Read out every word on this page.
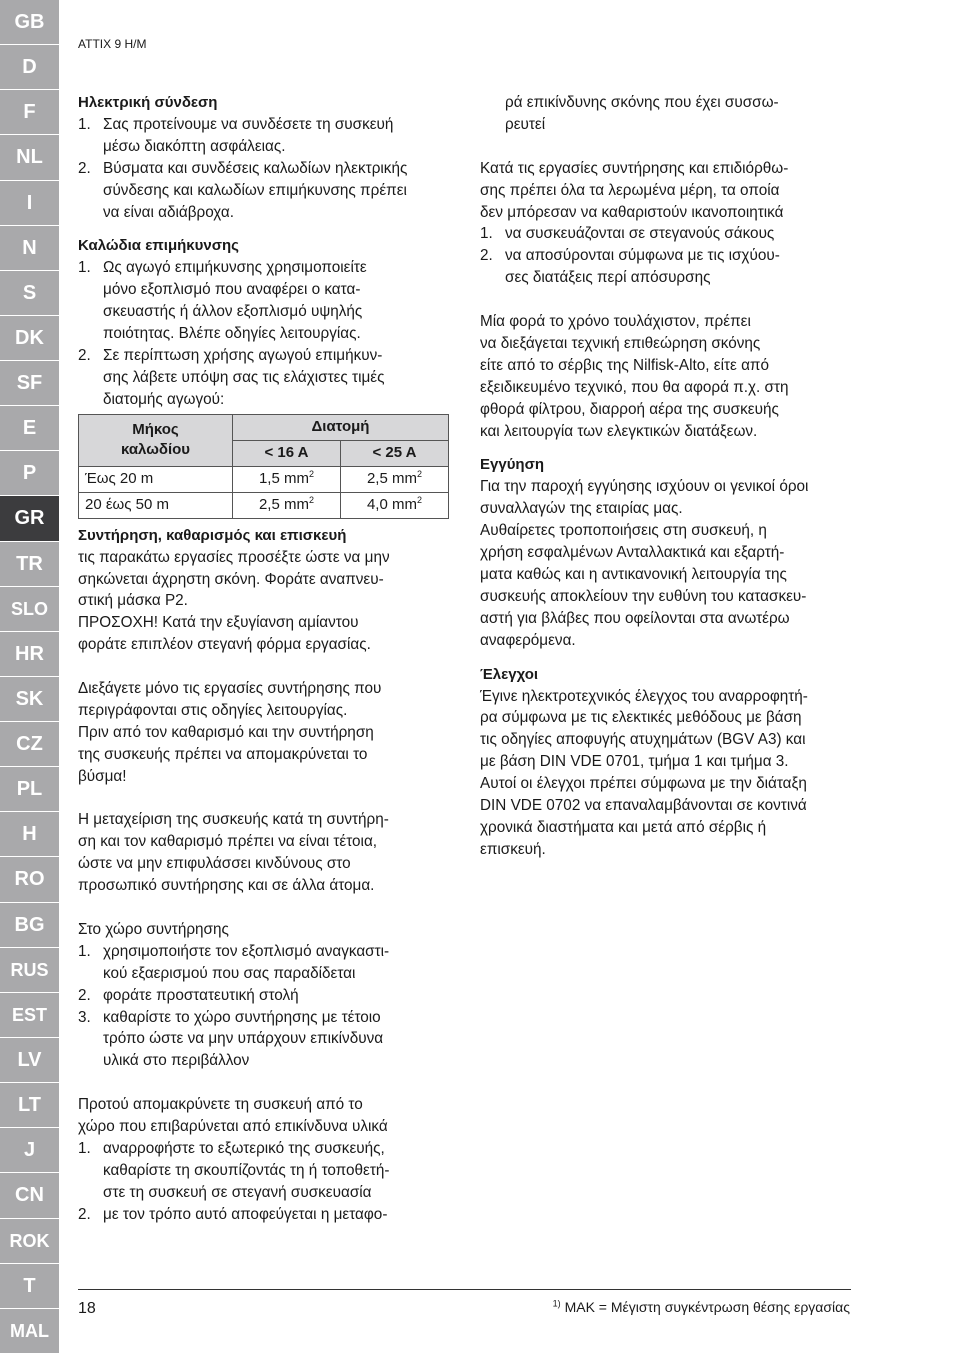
GB
D
F
NL
I
N
S
DK
SF
E
P
GR
TR
SLO
HR
SK
CZ
PL
H
RO
BG
RUS
EST
LV
LT
J
CN
ROK
T
MAL
ATTIX 9 H/M

Ηλεκτρική σύνδεση

1. Σας προτείνουμε να συνδέσετε τη συσκευή
μέσω διακόπτη ασφάλειας.
2. Βύσματα και συνδέσεις καλωδίων ηλεκτρικής
σύνδεσης και καλωδίων επιμήκυνσης πρέπει
να είναι αδιάβροχα.

Καλώδια επιμήκυνσης

1. Ως αγωγό επιμήκυνσης χρησιμοποιείτε
μόνο εξοπλισμό που αναφέρει ο κατα-
σκευαστής ή άλλον εξοπλισμό υψηλής
ποιότητας. Βλέπε οδηγίες λειτουργίας.
2. Σε περίπτωση χρήσης αγωγού επιμήκυν-
σης λάβετε υπόψη σας τις ελάχιστες τιμές
διατομής αγωγού:
Μήκος
καλωδίου	Διατομή	
	< 16 A	< 25 A
Έως 20 m	1,5 $mm^2$	2,5 $mm^2$
20 έως 50 m	2,5 $mm^2$	4,0 $mm^2$

Συντήρηση, καθαρισμός και επισκευή

τις παρακάτω εργασίες προσέξτε ώστε να μην
σηκώνεται άχρηστη σκόνη. Φοράτε αναπνευ-
στική μάσκα P2.
ΠΡΟΣΟΧΗ! Κατά την εξυγίανση αμίαντου
φοράτε επιπλέον στεγανή φόρμα εργασίας.
Διεξάγετε μόνο τις εργασίες συντήρησης που
περιγράφονται στις οδηγίες λειτουργίας.
Πριν από τον καθαρισμό και την συντήρηση
της συσκευής πρέπει να απομακρύνεται το
βύσμα!
Η μεταχείριση της συσκευής κατά τη συντήρη-
ση και τον καθαρισμό πρέπει να είναι τέτοια,
ώστε να μην επιφυλάσσει κινδύνους στο
προσωπικό συντήρησης και σε άλλα άτομα.
Στο χώρο συντήρησης
1. χρησιμοποιήστε τον εξοπλισμό αναγκαστι-
κού εξαερισμού που σας παραδίδεται
2. φοράτε προστατευτική στολή
3. καθαρίστε το χώρο συντήρησης με τέτοιο
τρόπο ώστε να μην υπάρχουν επικίνδυνα
υλικά στο περιβάλλον
Προτού απομακρύνετε τη συσκευή από το
χώρο που επιβαρύνεται από επικίνδυνα υλικά
1. αναρροφήστε το εξωτερικό της συσκευής,
καθαρίστε τη σκουπίζοντάς τη ή τοποθετή-
στε τη συσκευή σε στεγανή συσκευασία
2. με τον τρόπο αυτό αποφεύγεται η μεταφο-
ρά επικίνδυνης σκόνης που έχει συσσω-
ρευτεί
Κατά τις εργασίες συντήρησης και επιδιόρθω-
σης πρέπει όλα τα λερωμένα μέρη, τα οποία
δεν μπόρεσαν να καθαριστούν ικανοποιητικά
1. να συσκευάζονται σε στεγανούς σάκους
2. να αποσύρονται σύμφωνα με τις ισχύου-
σες διατάξεις περί απόσυρσης
Μία φορά το χρόνο τουλάχιστον, πρέπει
να διεξάγεται τεχνική επιθεώρηση σκόνης
είτε από το σέρβις της Nilfisk-Alto, είτε από
εξειδικευμένο τεχνικό, που θα αφορά π.χ. στη
φθορά φίλτρου, διαρροή αέρα της συσκευής
και λειτουργία των ελεγκτικών διατάξεων.

Εγγύηση

Για την παροχή εγγύησης ισχύουν οι γενικοί όροι
συναλλαγών της εταιρίας μας.
Αυθαίρετες τροποποιήσεις στη συσκευή, η
χρήση εσφαλμένων Ανταλλακτικά και εξαρτή-
ματα καθώς και η αντικανονική λειτουργία της
συσκευής αποκλείουν την ευθύνη του κατασκευ-
αστή για βλάβες που οφείλονται στα ανωτέρω
αναφερόμενα.

Έλεγχοι

Έγινε ηλεκτροτεχνικός έλεγχος του αναρροφητή-
ρα σύμφωνα με τις ελεκτικές μεθόδους με βάση
τις οδηγίες αποφυγής ατυχημάτων (BGV A3) και
με βάση DIN VDE 0701, τμήμα 1 και τμήμα 3.
Αυτοί οι έλεγχοι πρέπει σύμφωνα με την διάταξη
DIN VDE 0702 να επαναλαμβάνονται σε κοντινά
χρονικά διαστήματα και μετά από σέρβις ή
επισκευή.
18	$^{1)}$ MAK = Μέγιστη συγκέντρωση θέσης εργασίας
